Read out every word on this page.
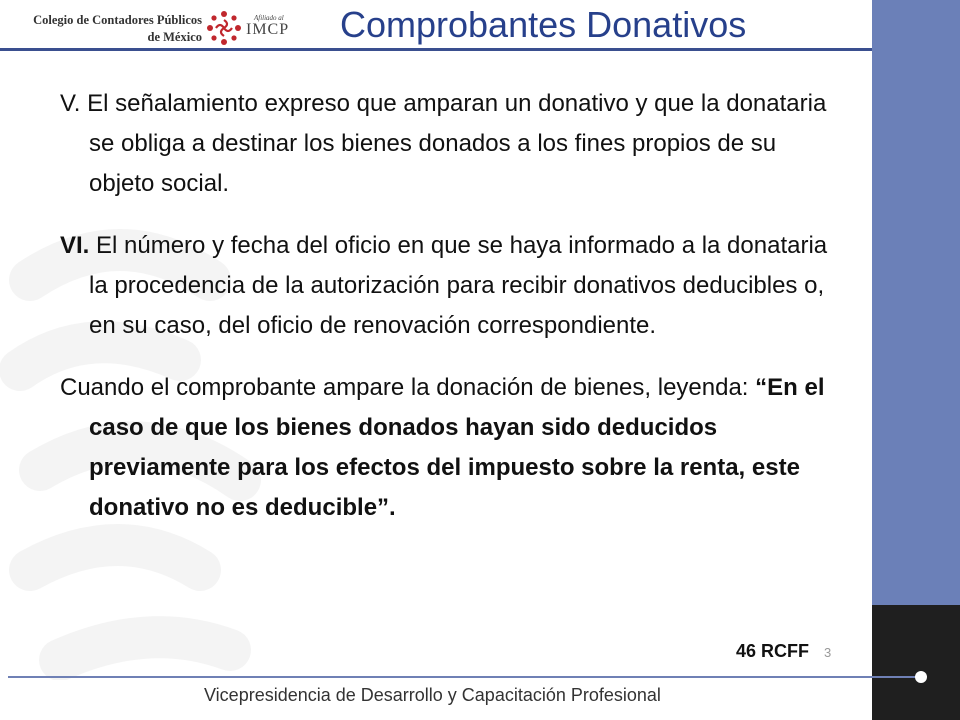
Colegio de Contadores Públicos
de México
Afiliado al
IMCP Comprobantes Donativos

V. El señalamiento expreso que amparan un donativo y que la donataria se obliga a destinar los bienes donados a los fines propios de su objeto social.

VI. El número y fecha del oficio en que se haya informado a la donataria la procedencia de la autorización para recibir donativos deducibles o, en su caso, del oficio de renovación correspondiente.

Cuando el comprobante ampare la donación de bienes, leyenda: “En el caso de que los bienes donados hayan sido deducidos previamente para los efectos del impuesto sobre la renta, este donativo no es deducible”.

3
46 RCFF
Vicepresidencia de Desarrollo y Capacitación Profesional
